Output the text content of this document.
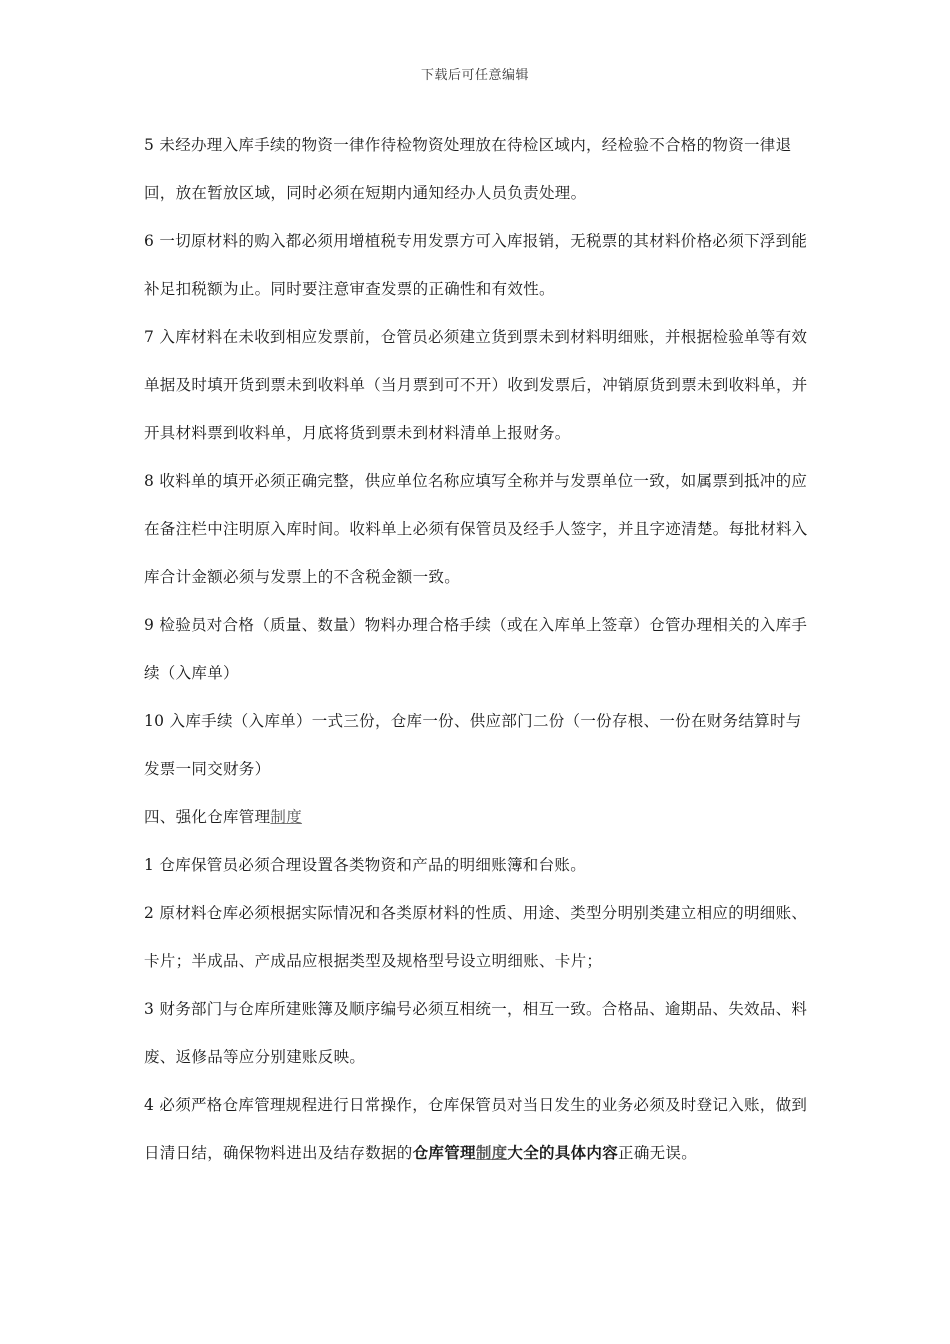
下载后可任意编辑

5 未经办理入库手续的物资一律作待检物资处理放在待检区域内，经检验不合格的物资一律退回，放在暂放区域，同时必须在短期内通知经办人员负责处理。

6 一切原材料的购入都必须用增植税专用发票方可入库报销，无税票的其材料价格必须下浮到能补足扣税额为止。同时要注意审查发票的正确性和有效性。

7 入库材料在未收到相应发票前，仓管员必须建立货到票未到材料明细账，并根据检验单等有效单据及时填开货到票未到收料单（当月票到可不开）收到发票后，冲销原货到票未到收料单，并开具材料票到收料单，月底将货到票未到材料清单上报财务。

8 收料单的填开必须正确完整，供应单位名称应填写全称并与发票单位一致，如属票到抵冲的应在备注栏中注明原入库时间。收料单上必须有保管员及经手人签字，并且字迹清楚。每批材料入库合计金额必须与发票上的不含税金额一致。

9 检验员对合格（质量、数量）物料办理合格手续（或在入库单上签章）仓管办理相关的入库手续（入库单）

10 入库手续（入库单）一式三份，仓库一份、供应部门二份（一份存根、一份在财务结算时与发票一同交财务）

四、强化仓库管理制度

1 仓库保管员必须合理设置各类物资和产品的明细账簿和台账。

2 原材料仓库必须根据实际情况和各类原材料的性质、用途、类型分明别类建立相应的明细账、卡片；半成品、产成品应根据类型及规格型号设立明细账、卡片；

3 财务部门与仓库所建账簿及顺序编号必须互相统一，相互一致。合格品、逾期品、失效品、料废、返修品等应分别建账反映。

4 必须严格仓库管理规程进行日常操作，仓库保管员对当日发生的业务必须及时登记入账，做到日清日结，确保物料进出及结存数据的仓库管理制度大全的具体内容正确无误。
